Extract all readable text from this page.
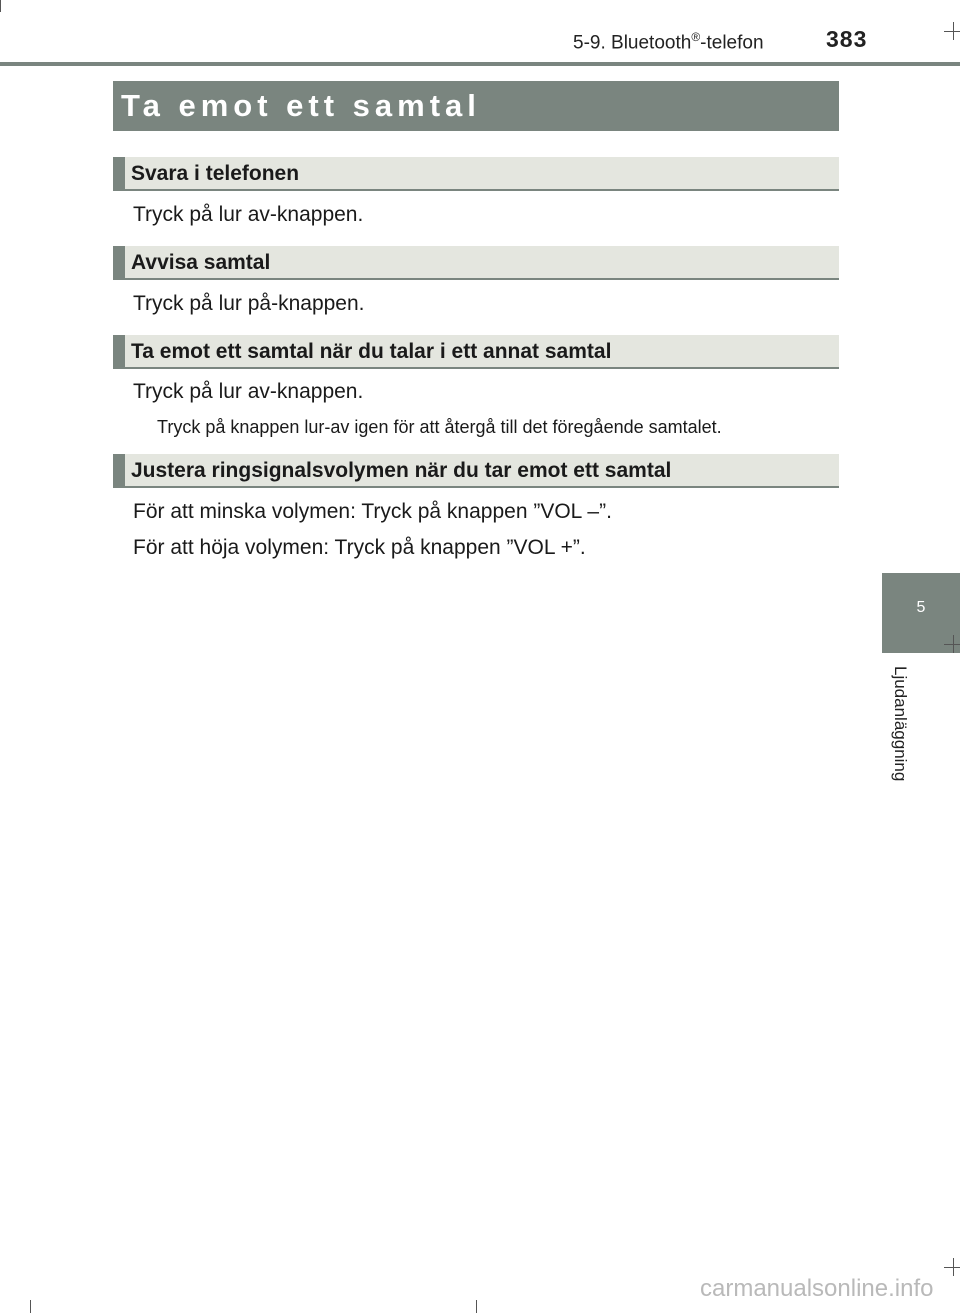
5-9. Bluetooth®-telefon	383
Ta emot ett samtal
Svara i telefonen
Tryck på lur av-knappen.
Avvisa samtal
Tryck på lur på-knappen.
Ta emot ett samtal när du talar i ett annat samtal
Tryck på lur av-knappen.
Tryck på knappen lur-av igen för att återgå till det föregående samtalet.
Justera ringsignalsvolymen när du tar emot ett samtal
För att minska volymen: Tryck på knappen ”VOL –”.
För att höja volymen: Tryck på knappen ”VOL +”.
5
Ljudanläggning
carmanualsonline.info
